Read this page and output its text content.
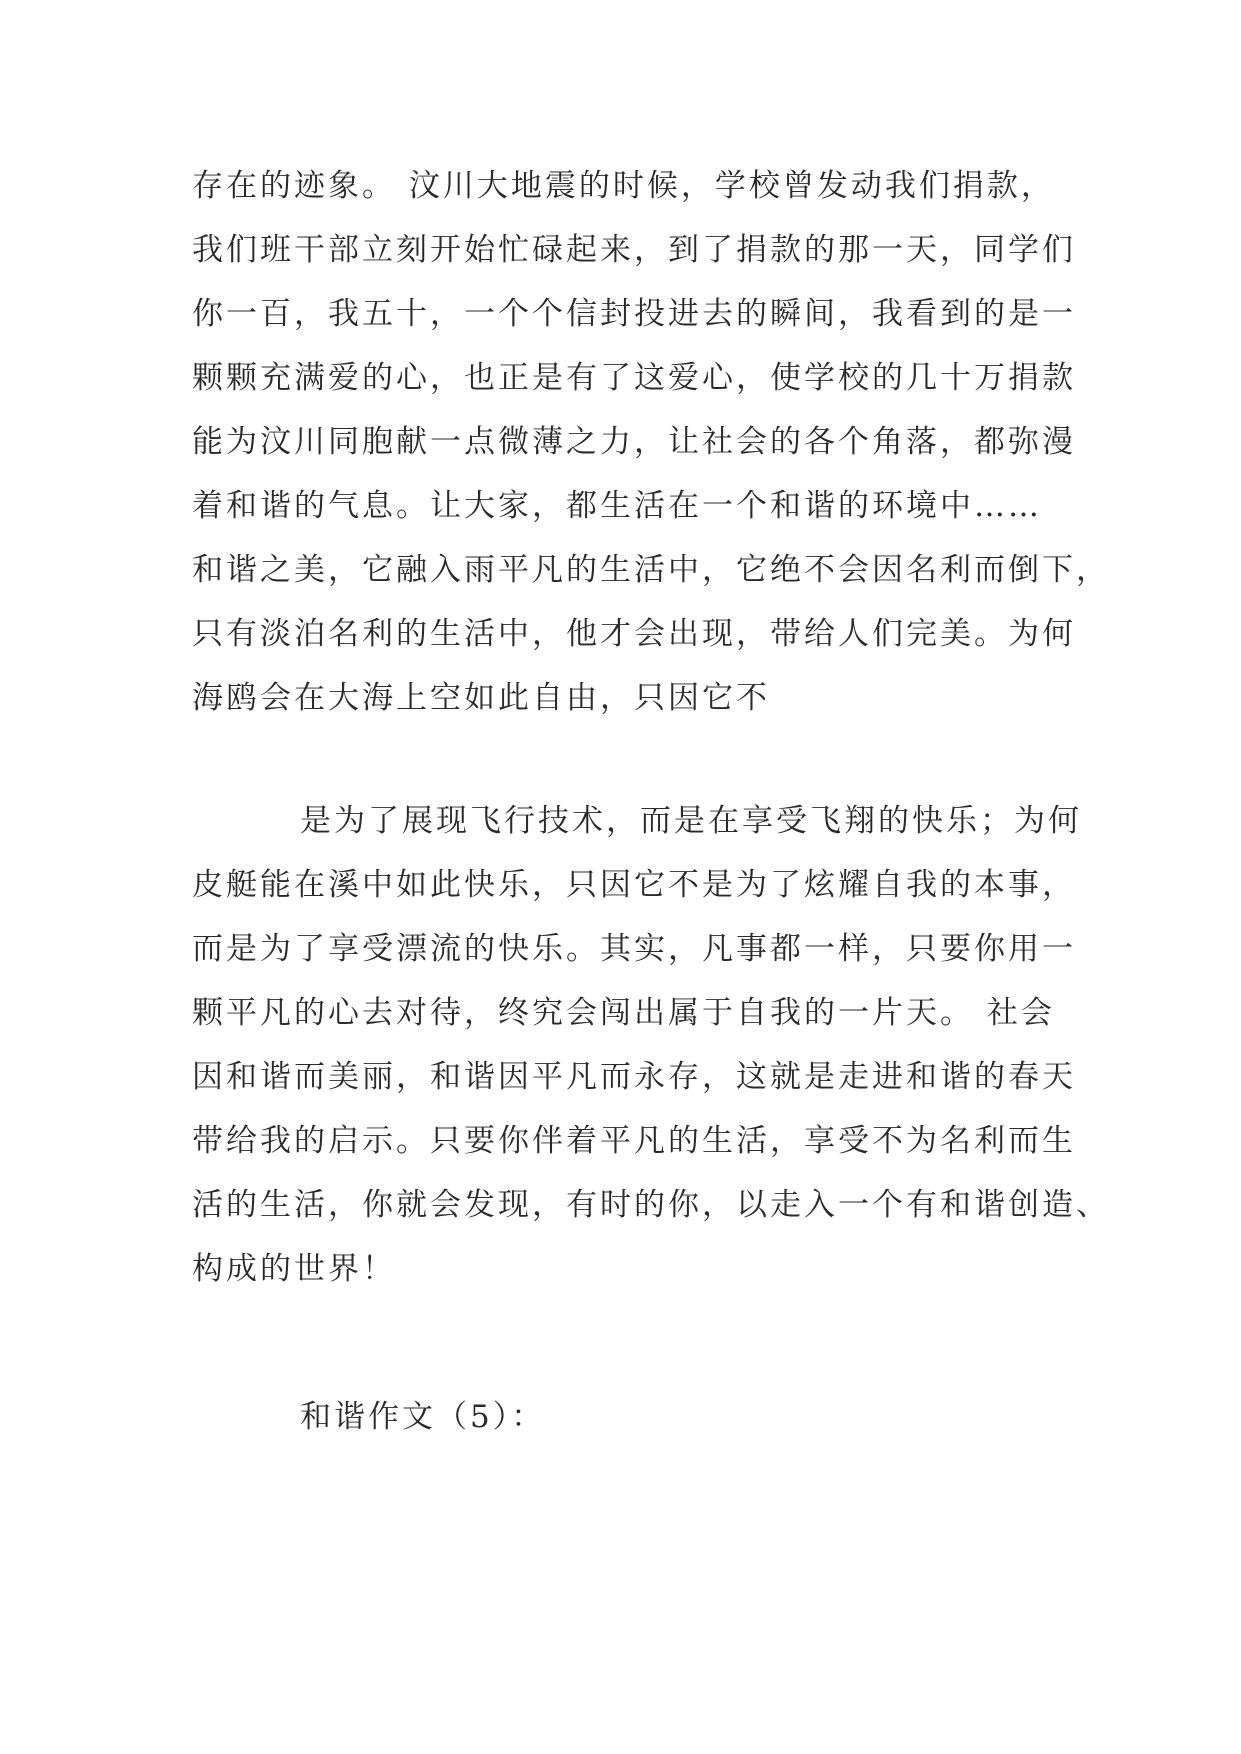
存在的迹象。 汶川大地震的时候，学校曾发动我们捐款，
我们班干部立刻开始忙碌起来，到了捐款的那一天，同学们
你一百，我五十，一个个信封投进去的瞬间，我看到的是一
颗颗充满爱的心，也正是有了这爱心，使学校的几十万捐款
能为汶川同胞献一点微薄之力，让社会的各个角落，都弥漫
着和谐的气息。让大家，都生活在一个和谐的环境中……
和谐之美，它融入雨平凡的生活中，它绝不会因名利而倒下，
只有淡泊名利的生活中，他才会出现，带给人们完美。为何
海鸥会在大海上空如此自由，只因它不
是为了展现飞行技术，而是在享受飞翔的快乐；为何
皮艇能在溪中如此快乐，只因它不是为了炫耀自我的本事，
而是为了享受漂流的快乐。其实，凡事都一样，只要你用一
颗平凡的心去对待，终究会闯出属于自我的一片天。 社会
因和谐而美丽，和谐因平凡而永存，这就是走进和谐的春天
带给我的启示。只要你伴着平凡的生活，享受不为名利而生
活的生活，你就会发现，有时的你，以走入一个有和谐创造、
构成的世界！
和谐作文（5）：
